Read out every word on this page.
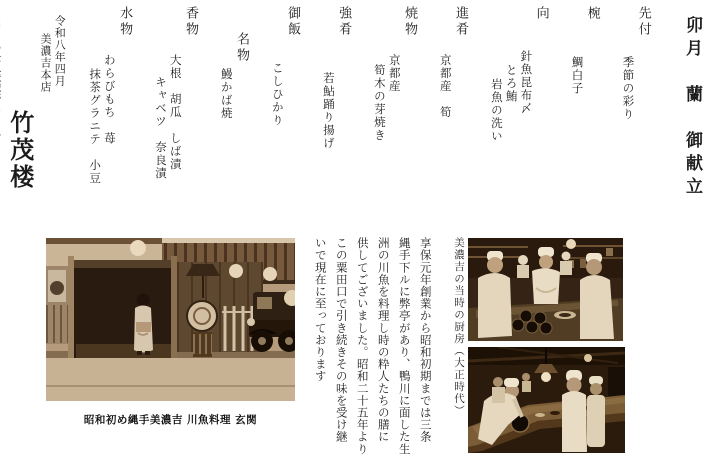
卯月　蘭　御献立
先付
季節の彩り
椀
鯛白子
向
針魚昆布〆
とろ鮪
岩魚の洗い
進肴
京都産　筍
焼物
京都産
筍木の芽焼き
強肴
若鮎踊り揚げ
御飯
こしひかり
名物
鰻かば焼
香物
大根　胡瓜　しば漬
キャベツ　奈良漬
水物
わらびもち　苺
抹茶グラニテ　小豆
令和八年四月
美濃吉本店
竹茂楼
昭和初め縄手美濃吉 川魚料理 玄関
美濃吉の当時の厨房（大正時代）
享保元年創業から昭和初期までは三条
縄手下ルに弊亭があり、鴨川に面した生
洲の川魚を料理し時の粋人たちの膳に
供してございました。昭和二十五年より
この粟田口で引き続きその味を受け継
いで現在に至っております
